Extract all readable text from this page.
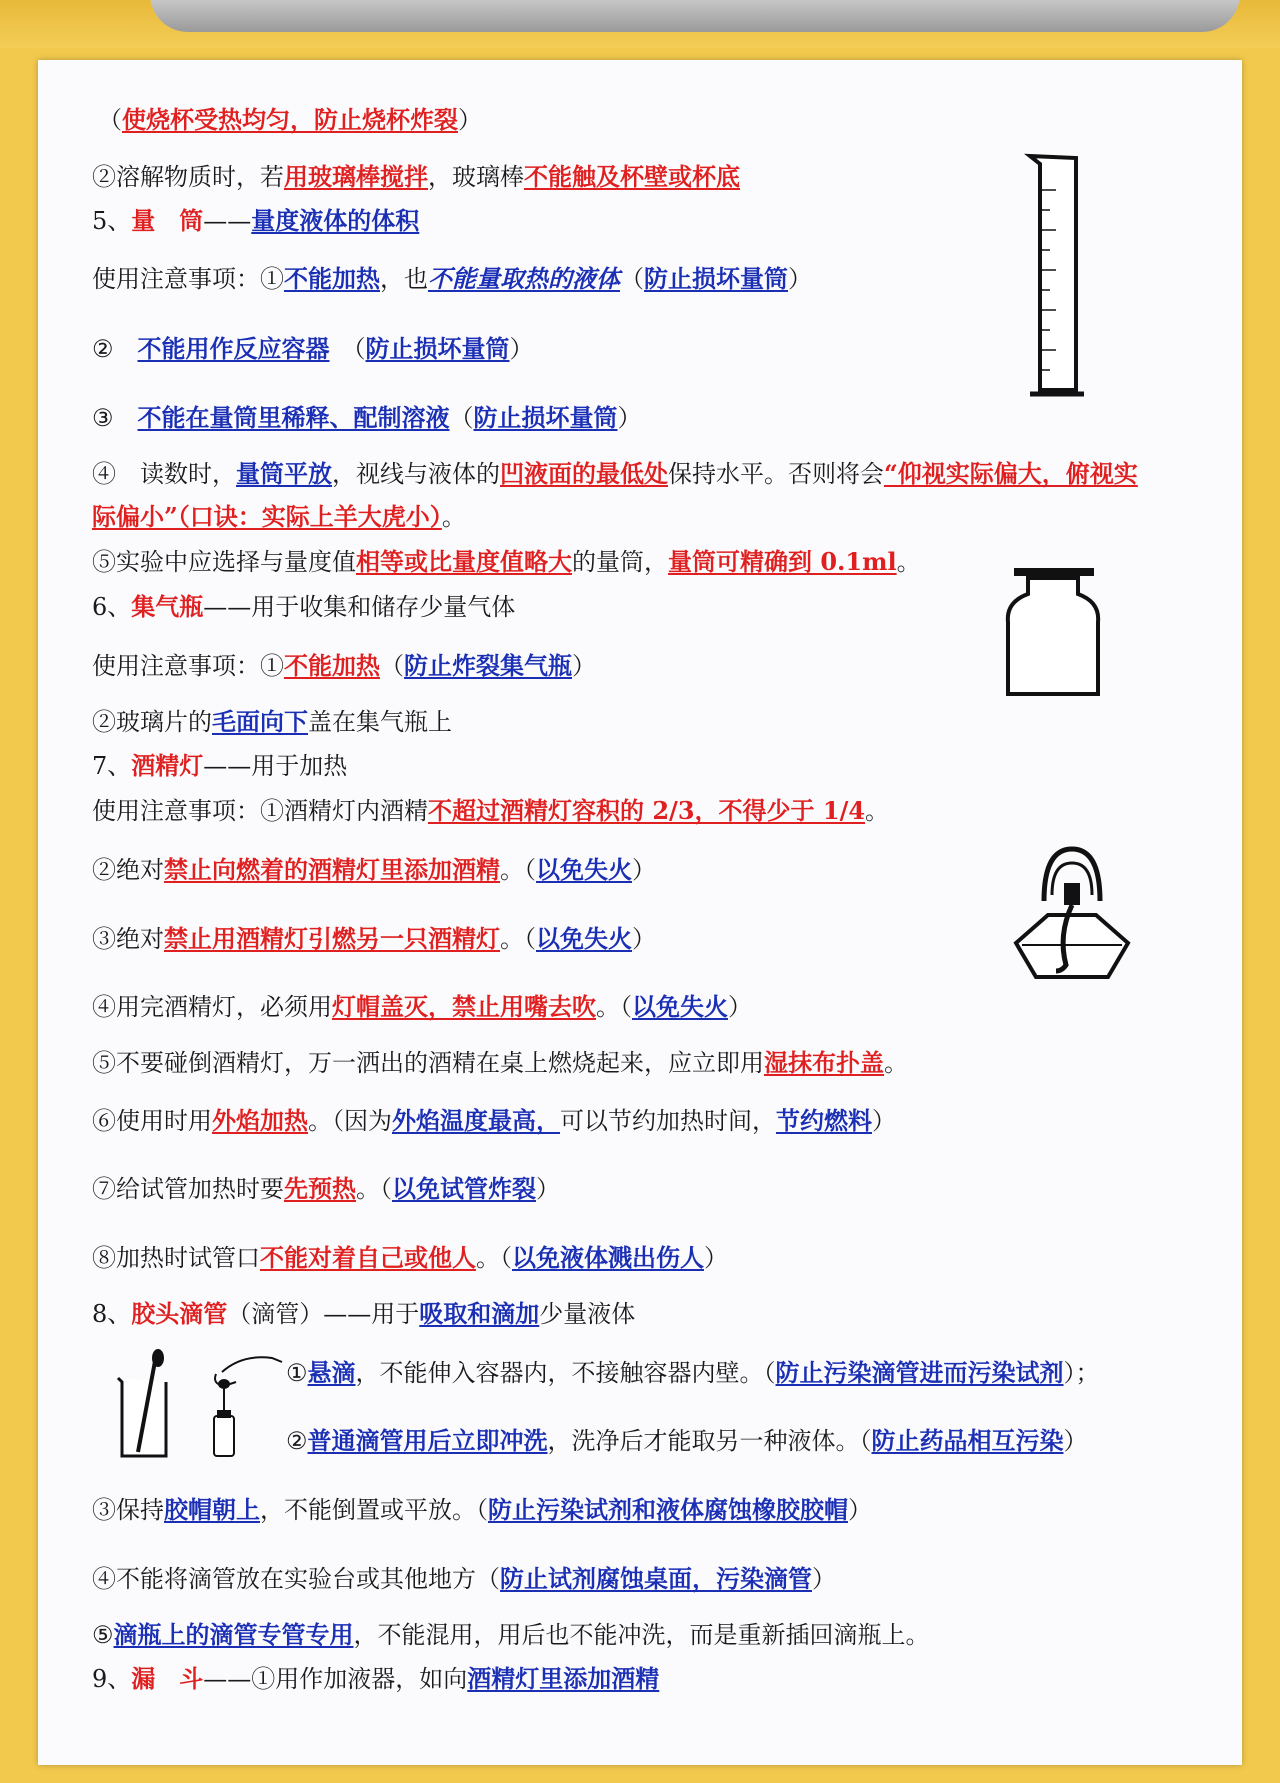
（使烧杯受热均匀，防止烧杯炸裂）
②溶解物质时，若用玻璃棒搅拌，玻璃棒不能触及杯壁或杯底
5、量　筒——量度液体的体积
使用注意事项：①不能加热，也不能量取热的液体（防止损坏量筒）
②　不能用作反应容器　（防止损坏量筒）
③　不能在量筒里稀释、配制溶液（防止损坏量筒）
④　读数时，量筒平放，视线与液体的凹液面的最低处保持水平。否则将会“仰视实际偏大，俯视实
际偏小”（口诀：实际上羊大虎小）。
⑤实验中应选择与量度值相等或比量度值略大的量筒，量筒可精确到 0.1ml。
6、集气瓶——用于收集和储存少量气体
使用注意事项：①不能加热（防止炸裂集气瓶）
②玻璃片的毛面向下盖在集气瓶上
7、酒精灯——用于加热
使用注意事项：①酒精灯内酒精不超过酒精灯容积的 2/3，不得少于 1/4。
②绝对禁止向燃着的酒精灯里添加酒精。（以免失火）
③绝对禁止用酒精灯引燃另一只酒精灯。（以免失火）
④用完酒精灯，必须用灯帽盖灭，禁止用嘴去吹。（以免失火）
⑤不要碰倒酒精灯，万一洒出的酒精在桌上燃烧起来，应立即用湿抹布扑盖。
⑥使用时用外焰加热。（因为外焰温度最高，可以节约加热时间，节约燃料）
⑦给试管加热时要先预热。（以免试管炸裂）
⑧加热时试管口不能对着自己或他人。（以免液体溅出伤人）
8、胶头滴管（滴管）——用于吸取和滴加少量液体
①悬滴，不能伸入容器内，不接触容器内壁。（防止污染滴管进而污染试剂）；
②普通滴管用后立即冲洗，洗净后才能取另一种液体。（防止药品相互污染）
③保持胶帽朝上，不能倒置或平放。（防止污染试剂和液体腐蚀橡胶胶帽）
④不能将滴管放在实验台或其他地方（防止试剂腐蚀桌面，污染滴管）
⑤滴瓶上的滴管专管专用，不能混用，用后也不能冲洗，而是重新插回滴瓶上。
9、漏　斗——①用作加液器，如向酒精灯里添加酒精
